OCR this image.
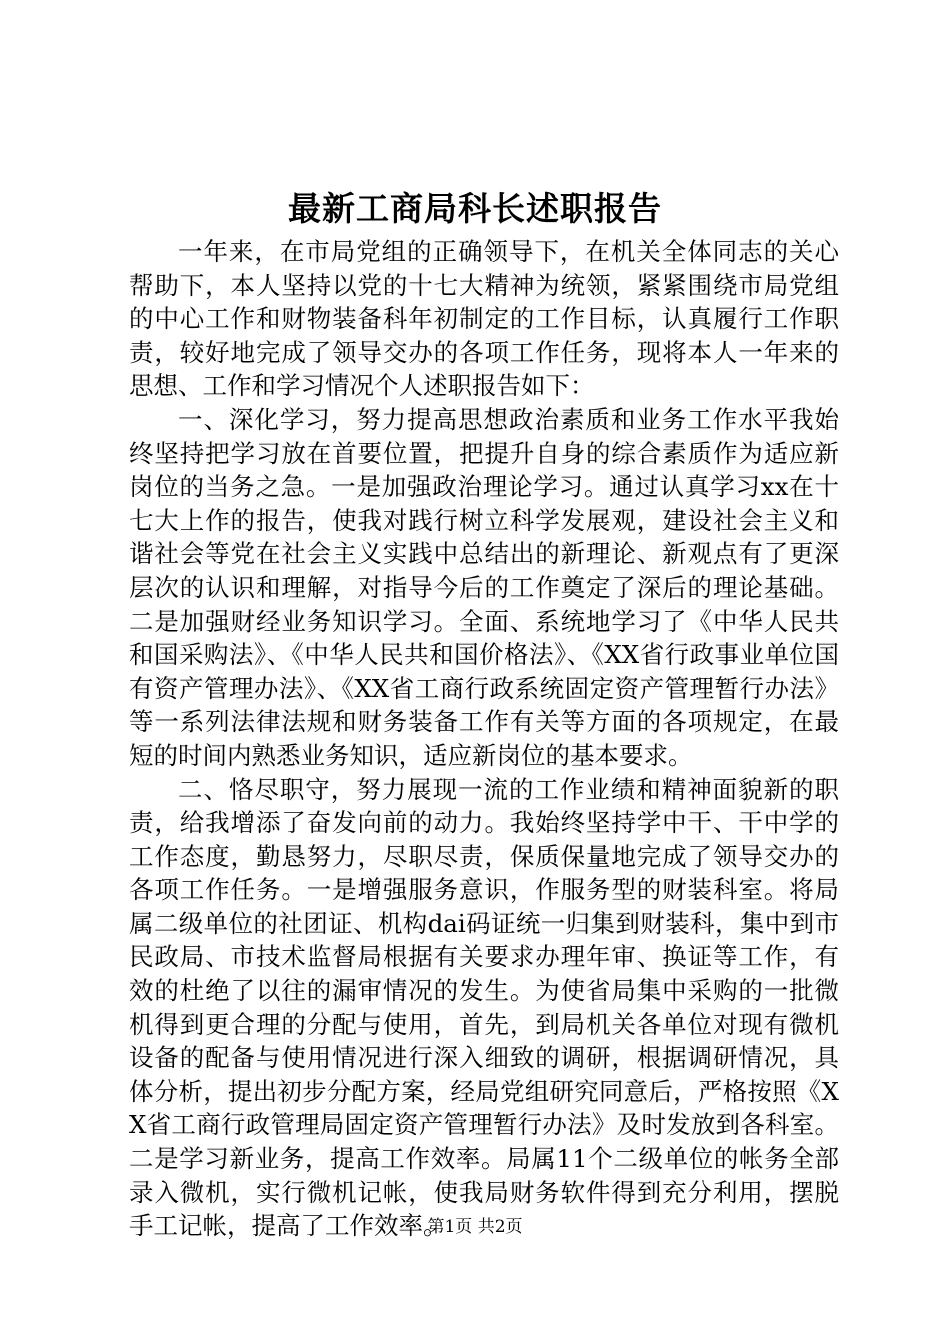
最新工商局科长述职报告

一年来，在市局党组的正确领导下，在机关全体同志的关心帮助下，本人坚持以党的十七大精神为统领，紧紧围绕市局党组的中心工作和财物装备科年初制定的工作目标，认真履行工作职责，较好地完成了领导交办的各项工作任务，现将本人一年来的思想、工作和学习情况个人述职报告如下：

一、深化学习，努力提高思想政治素质和业务工作水平我始终坚持把学习放在首要位置，把提升自身的综合素质作为适应新岗位的当务之急。一是加强政治理论学习。通过认真学习xx在十七大上作的报告，使我对践行树立科学发展观，建设社会主义和谐社会等党在社会主义实践中总结出的新理论、新观点有了更深层次的认识和理解，对指导今后的工作奠定了深后的理论基础。二是加强财经业务知识学习。全面、系统地学习了《中华人民共和国采购法》、《中华人民共和国价格法》、《XX省行政事业单位国有资产管理办法》、《XX省工商行政系统固定资产管理暂行办法》等一系列法律法规和财务装备工作有关等方面的各项规定，在最短的时间内熟悉业务知识，适应新岗位的基本要求。

二、恪尽职守，努力展现一流的工作业绩和精神面貌新的职责，给我增添了奋发向前的动力。我始终坚持学中干、干中学的工作态度，勤恳努力，尽职尽责，保质保量地完成了领导交办的各项工作任务。一是增强服务意识，作服务型的财装科室。将局属二级单位的社团证、机构dai码证统一归集到财装科，集中到市民政局、市技术监督局根据有关要求办理年审、换证等工作，有效的杜绝了以往的漏审情况的发生。为使省局集中采购的一批微机得到更合理的分配与使用，首先，到局机关各单位对现有微机设备的配备与使用情况进行深入细致的调研，根据调研情况，具体分析，提出初步分配方案，经局党组研究同意后，严格按照《XX省工商行政管理局固定资产管理暂行办法》及时发放到各科室。二是学习新业务，提高工作效率。局属11个二级单位的帐务全部录入微机，实行微机记帐，使我局财务软件得到充分利用，摆脱手工记帐，提高了工作效率。

第1页 共2页
